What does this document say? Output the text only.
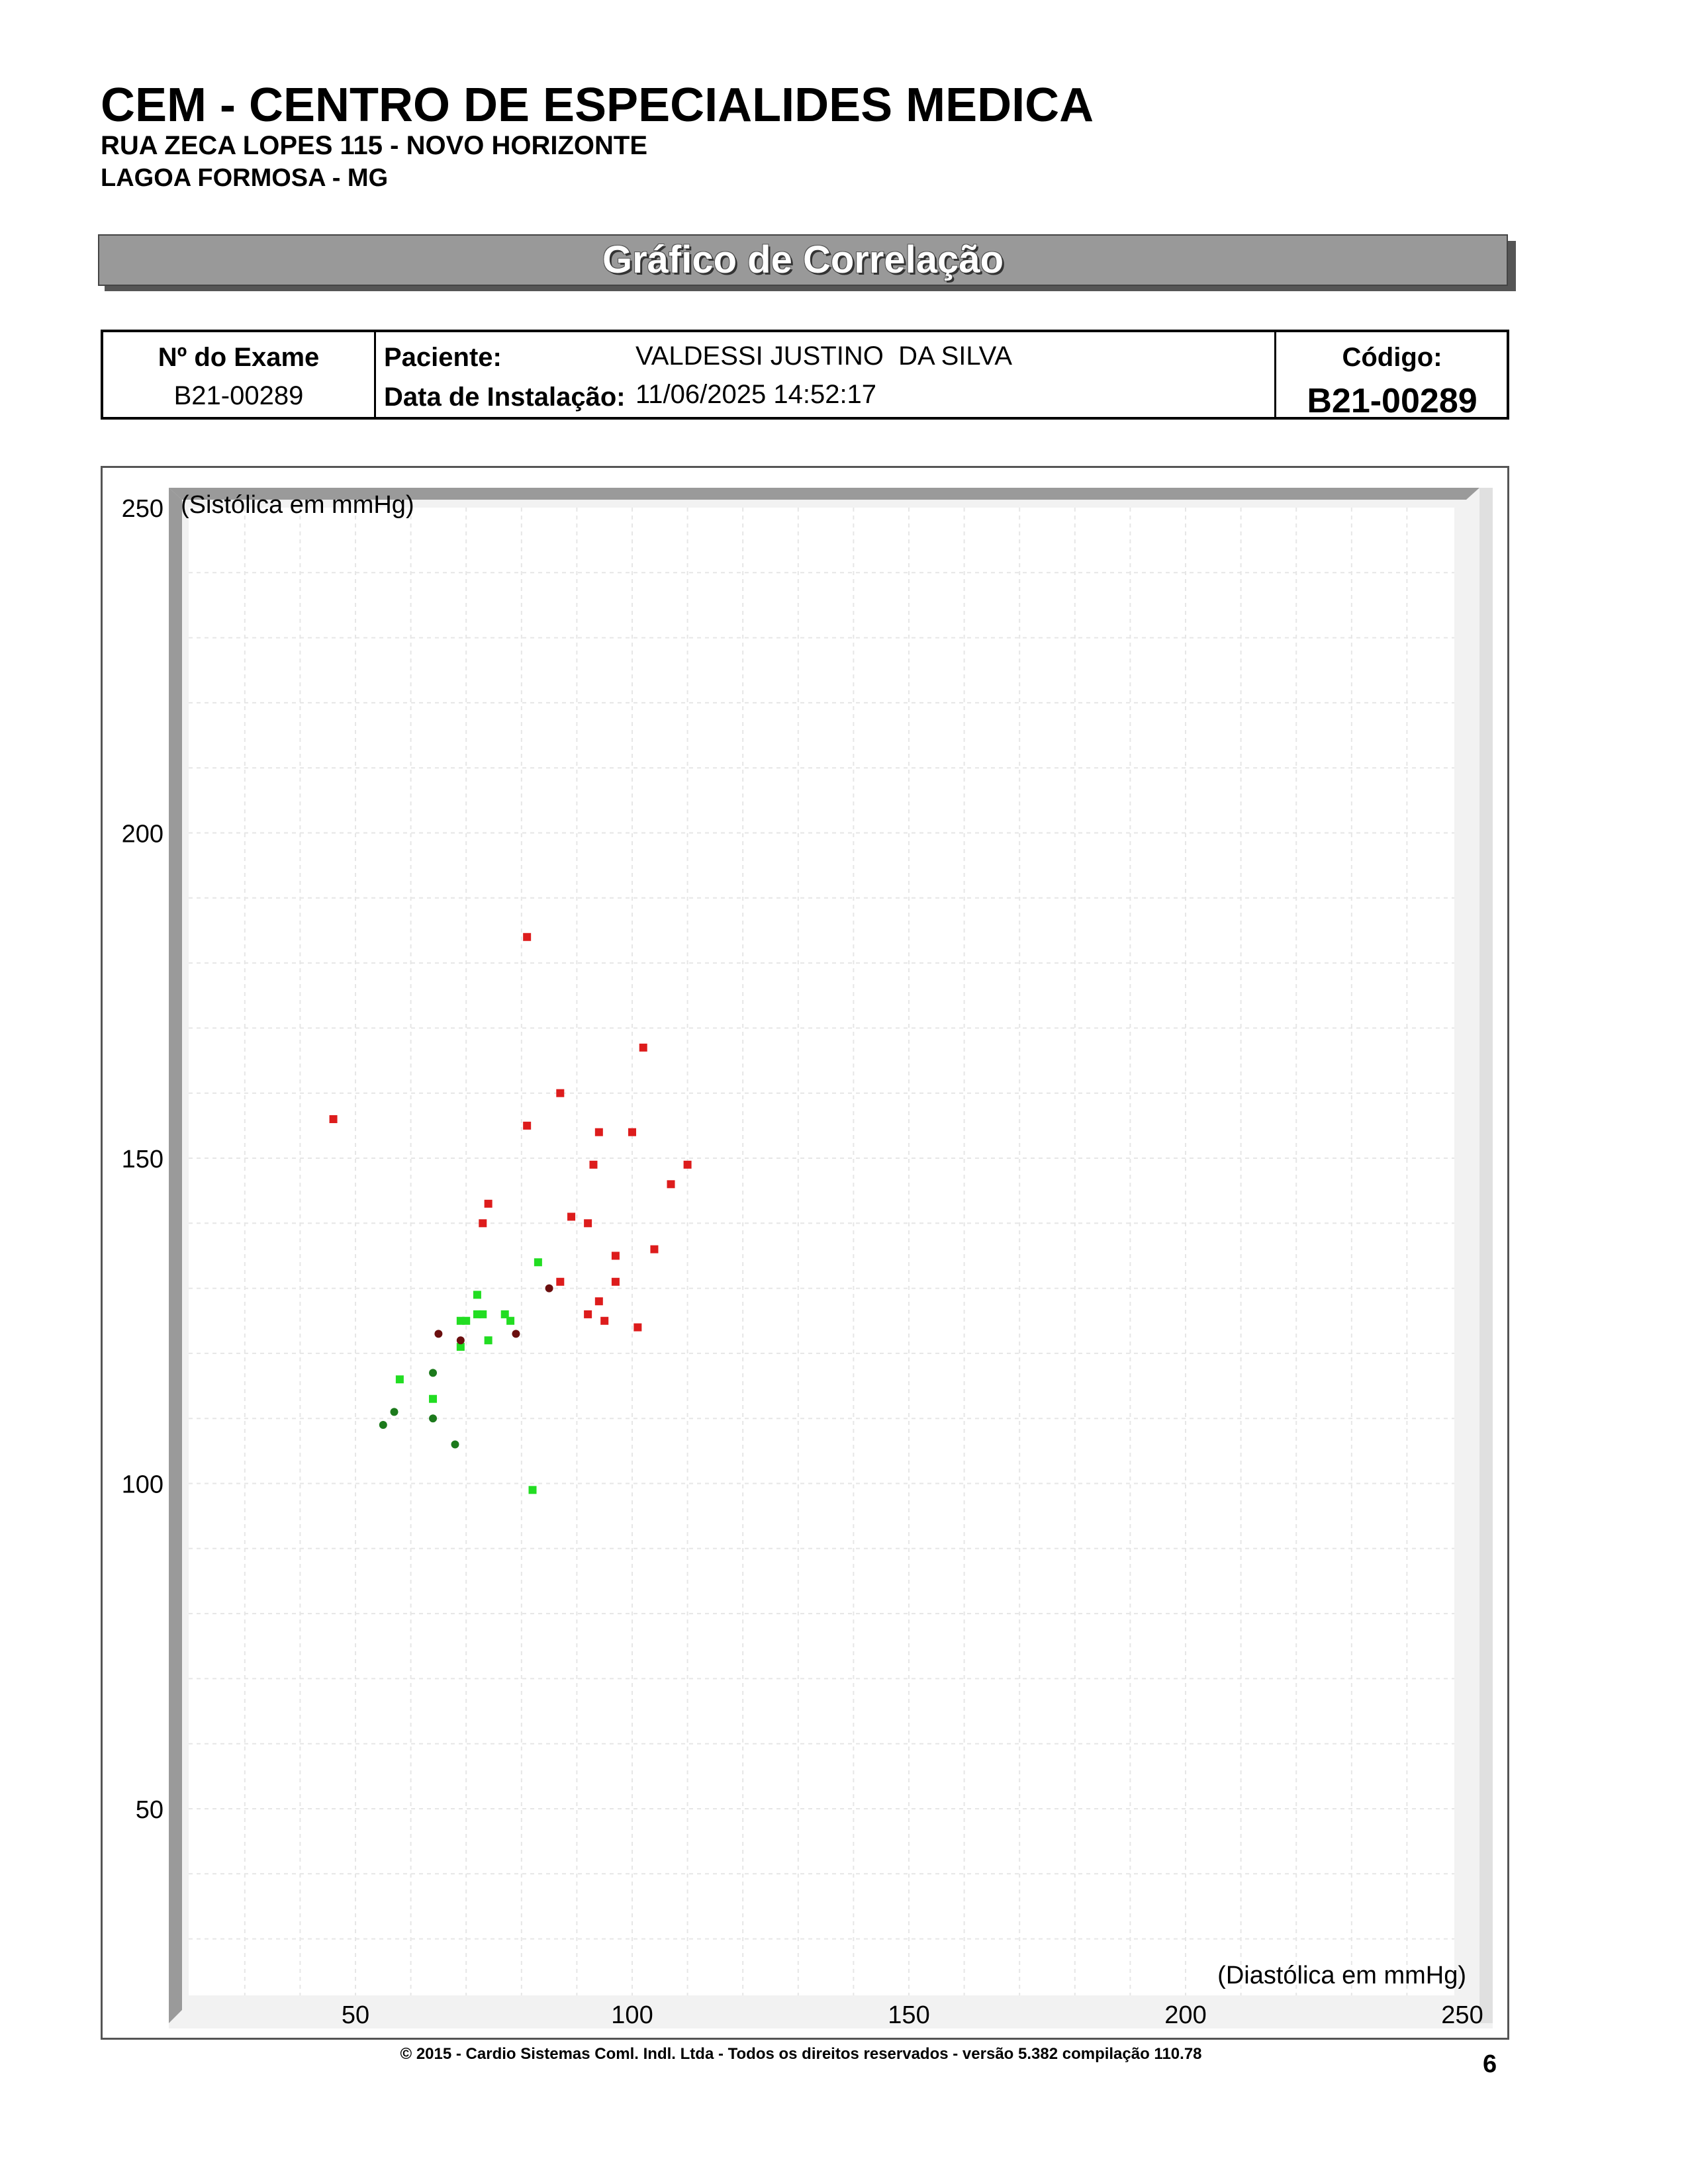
CEM - CENTRO DE ESPECIALIDES MEDICA
RUA ZECA LOPES 115 - NOVO HORIZONTE
LAGOA FORMOSA - MG
Gráfico de Correlação
Nº do Exame
B21-00289
Paciente:	VALDESSI JUSTINO  DA SILVA
Data de Instalação: 11/06/2025 14:52:17
Código:
B21-00289
50	100	150	200	250
50
100
150
200
250 (Sistólica em mmHg)
(Diastólica em mmHg)
© 2015 - Cardio Sistemas Coml. Indl. Ltda - Todos os direitos reservados - versão 5.382 compilação 110.78	6
